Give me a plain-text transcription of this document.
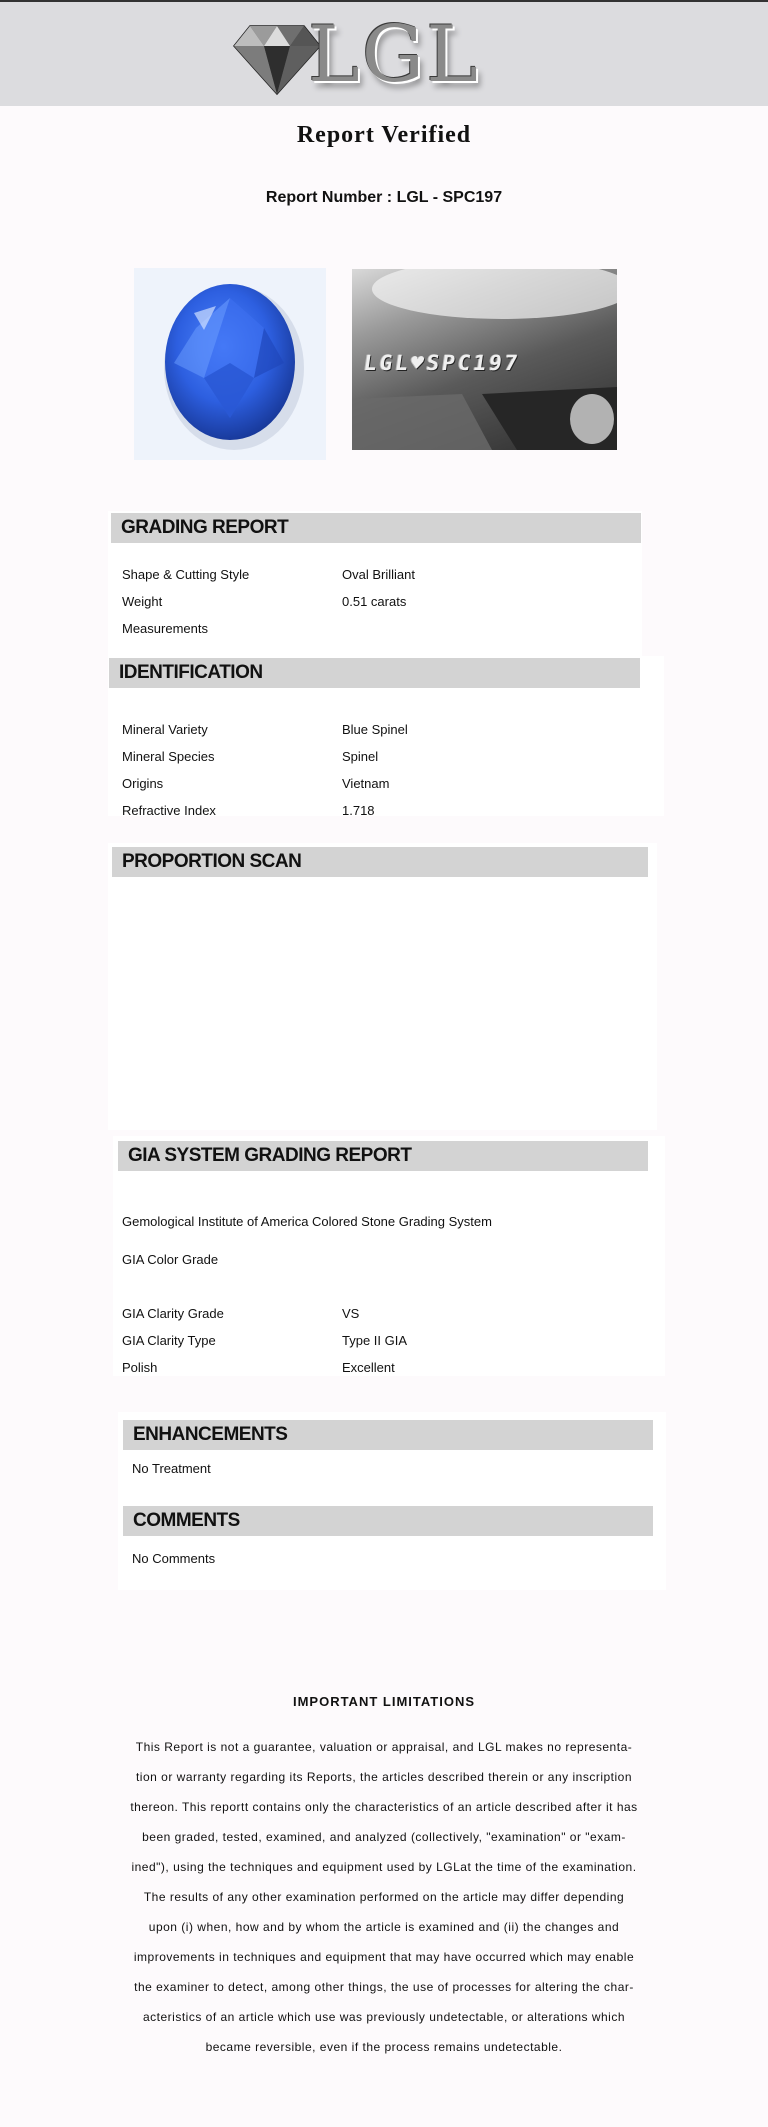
LGL
Report Verified
Report Number : LGL - SPC197
LGL♥SPC197
GRADING REPORT
Shape & Cutting Style	Oval Brilliant
Weight	0.51 carats
Measurements
IDENTIFICATION
Mineral Variety	Blue Spinel
Mineral Species	Spinel
Origins	Vietnam
Refractive Index	1.718
PROPORTION SCAN
GIA SYSTEM GRADING REPORT
Gemological Institute of America Colored Stone Grading System
GIA Color Grade
GIA Clarity Grade	VS
GIA Clarity Type	Type II GIA
Polish	Excellent
ENHANCEMENTS
No Treatment
COMMENTS
No Comments
IMPORTANT LIMITATIONS
This Report is not a guarantee, valuation or appraisal, and LGL makes no representa-
tion or warranty regarding its Reports, the articles described therein or any inscription
thereon. This reportt contains only the characteristics of an article described after it has
been graded, tested, examined, and analyzed (collectively, "examination" or "exam-
ined"), using the techniques and equipment used by LGLat the time of the examination.
The results of any other examination performed on the article may differ depending
upon (i) when, how and by whom the article is examined and (ii) the changes and
improvements in techniques and equipment that may have occurred which may enable
the examiner to detect, among other things, the use of processes for altering the char-
acteristics of an article which use was previously undetectable, or alterations which
became reversible, even if the process remains undetectable.
